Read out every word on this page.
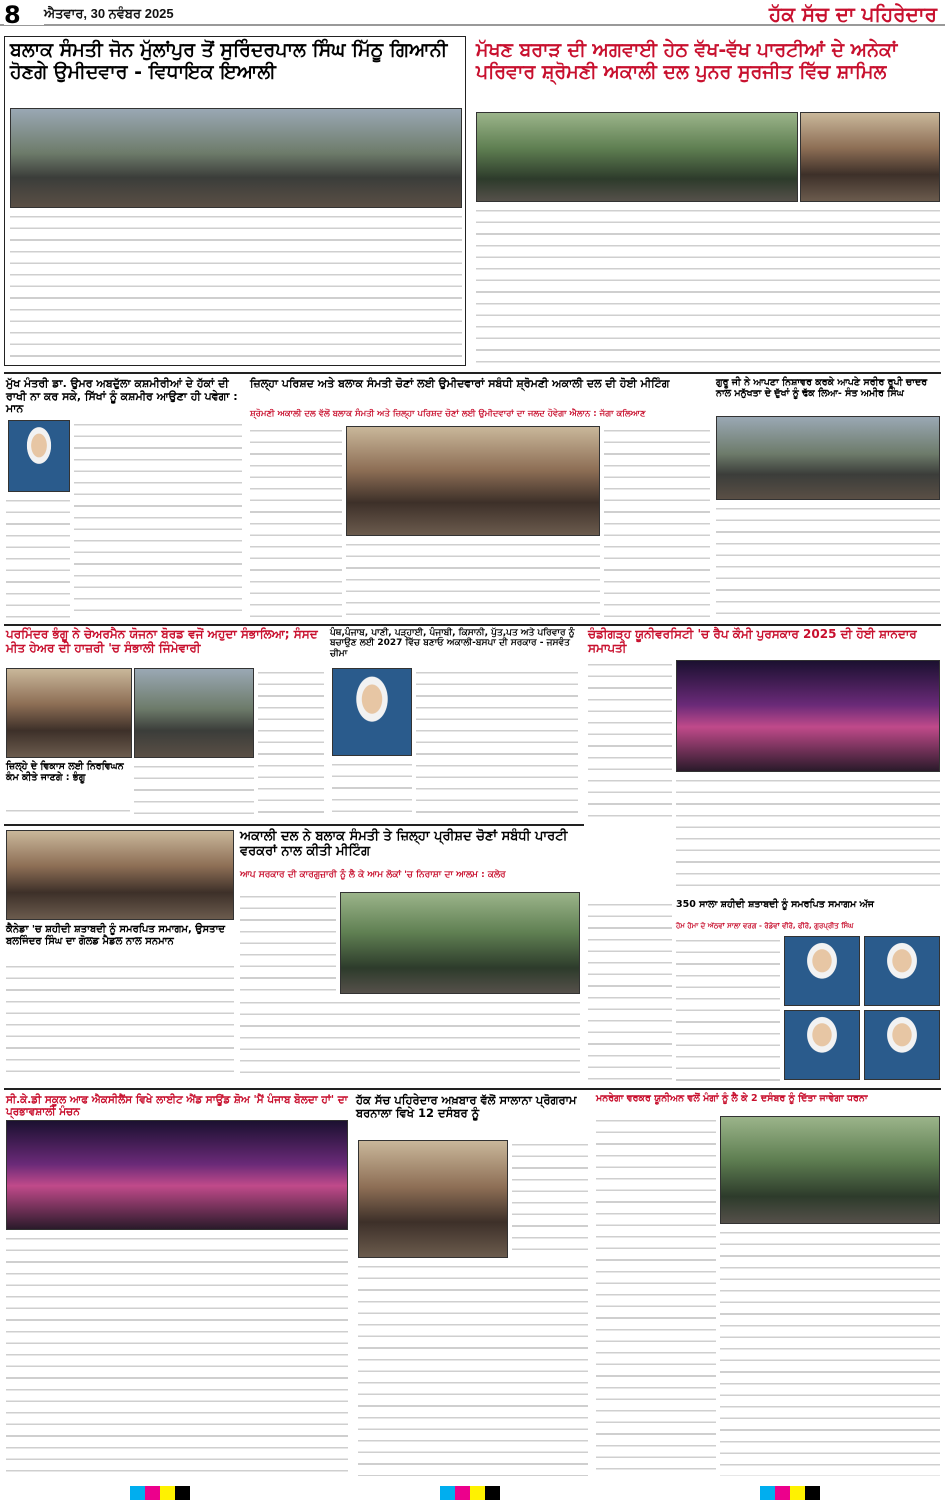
8	ਐਤਵਾਰ, 30 ਨਵੰਬਰ 2025	ਹੱਕ ਸੱਚ ਦਾ ਪਹਿਰੇਦਾਰ
ਬਲਾਕ ਸੰਮਤੀ ਜੋਨ ਮੁੱਲਾਂਪੁਰ ਤੋਂ ਸੁਰਿੰਦਰਪਾਲ ਸਿੰਘ ਮਿੱਠੂ ਗਿਆਨੀ ਹੋਣਗੇ ਉਮੀਦਵਾਰ - ਵਿਧਾਇਕ ਇਆਲੀ
ਮੱਖਣ ਬਰਾੜ ਦੀ ਅਗਵਾਈ ਹੇਠ ਵੱਖ-ਵੱਖ ਪਾਰਟੀਆਂ ਦੇ ਅਨੇਕਾਂ ਪਰਿਵਾਰ ਸ਼੍ਰੋਮਣੀ ਅਕਾਲੀ ਦਲ ਪੁਨਰ ਸੁਰਜੀਤ ਵਿੱਚ ਸ਼ਾਮਿਲ
ਮੁੱਖ ਮੰਤਰੀ ਡਾ. ਉਮਰ ਅਬਦੁੱਲਾ ਕਸ਼ਮੀਰੀਆਂ ਦੇ ਹੱਕਾਂ ਦੀ ਰਾਖੀ ਨਾ ਕਰ ਸਕੇ, ਸਿੱਖਾਂ ਨੂੰ ਕਸ਼ਮੀਰ ਆਉਣਾ ਹੀ ਪਵੇਗਾ : ਮਾਨ
ਜ਼ਿਲ੍ਹਾ ਪਰਿਸ਼ਦ ਅਤੇ ਬਲਾਕ ਸੰਮਤੀ ਚੋਣਾਂ ਲਈ ਉਮੀਦਵਾਰਾਂ ਸਬੰਧੀ ਸ਼੍ਰੋਮਣੀ ਅਕਾਲੀ ਦਲ ਦੀ ਹੋਈ ਮੀਟਿੰਗ
ਸ਼੍ਰੋਮਣੀ ਅਕਾਲੀ ਦਲ ਵੱਲੋਂ ਬਲਾਕ ਸੰਮਤੀ ਅਤੇ ਜ਼ਿਲ੍ਹਾ ਪਰਿਸ਼ਦ ਚੋਣਾਂ ਲਈ ਉਮੀਦਵਾਰਾਂ ਦਾ ਜਲਦ ਹੋਵੇਗਾ ਐਲਾਨ : ਜੱਗਾ ਕਲਿਆਣ
ਗੁਰੂ ਜੀ ਨੇ ਆਪਣਾ ਨਿਸ਼ਾਵਰ ਕਰਕੇ ਆਪਣੇ ਸਰੀਰ ਰੂਪੀ ਚਾਦਰ ਨਾਲ ਮਨੁੱਖਤਾ ਦੇ ਦੁੱਖਾਂ ਨੂੰ ਢੱਕ ਲਿਆ- ਸੰਤ ਅਮੀਰ ਸਿੰਘ
ਪਰਮਿੰਦਰ ਭੰਗੂ ਨੇ ਚੇਅਰਮੈਨ ਯੋਜਨਾ ਬੋਰਡ ਵਜੋਂ ਅਹੁਦਾ ਸੰਭਾਲਿਆ; ਸੰਸਦ ਮੀਤ ਹੇਅਰ ਦੀ ਹਾਜ਼ਰੀ 'ਚ ਸੰਭਾਲੀ ਜਿੰਮੇਵਾਰੀ
ਜ਼ਿਲ੍ਹੇ ਦੇ ਵਿਕਾਸ ਲਈ ਨਿਰਵਿਘਨ ਕੰਮ ਕੀਤੇ ਜਾਣਗੇ : ਭੰਗੂ
ਪੰਥ,ਪੰਜਾਬ, ਪਾਣੀ, ਪੜ੍ਹਾਈ, ਪੰਜਾਬੀ, ਕਿਸਾਨੀ, ਪੁੱਤ,ਪਤ ਅਤੇ ਪਰਿਵਾਰ ਨੂੰ ਬਚਾਉਣ ਲਈ 2027 ਵਿੱਚ ਬਣਾਓ ਅਕਾਲੀ-ਬਸਪਾ ਦੀ ਸਰਕਾਰ - ਜਸਵੰਤ ਚੀਮਾ
ਚੰਡੀਗੜ੍ਹ ਯੂਨੀਵਰਸਿਟੀ 'ਚ ਰੈਪ ਕੌਮੀ ਪੁਰਸਕਾਰ 2025 ਦੀ ਹੋਈ ਸ਼ਾਨਦਾਰ ਸਮਾਪਤੀ
ਅਕਾਲੀ ਦਲ ਨੇ ਬਲਾਕ ਸੰਮਤੀ ਤੇ ਜ਼ਿਲ੍ਹਾ ਪ੍ਰੀਸ਼ਦ ਚੋਣਾਂ ਸਬੰਧੀ ਪਾਰਟੀ ਵਰਕਰਾਂ ਨਾਲ ਕੀਤੀ ਮੀਟਿੰਗ
ਆਪ ਸਰਕਾਰ ਦੀ ਕਾਰਗੁਜ਼ਾਰੀ ਨੂੰ ਲੈ ਕੇ ਆਮ ਲੋਕਾਂ 'ਚ ਨਿਰਾਸ਼ਾ ਦਾ ਆਲਮ : ਕਲੇਰ
ਕੈਨੇਡਾ 'ਚ ਸ਼ਹੀਦੀ ਸ਼ਤਾਬਦੀ ਨੂੰ ਸਮਰਪਿਤ ਸਮਾਗਮ, ਉਸਤਾਦ ਬਲਜਿੰਦਰ ਸਿੰਘ ਦਾ ਗੋਲਡ ਮੈਡਲ ਨਾਲ ਸਨਮਾਨ
350 ਸਾਲਾ ਸ਼ਹੀਦੀ ਸ਼ਤਾਬਦੀ ਨੂੰ ਸਮਰਪਿਤ ਸਮਾਗਮ ਅੱਜ
ਹੋਮ ਹੋਮਾ ਦੇ ਅੱਠਵਾਂ ਸਾਲਾ ਵਰਗ - ਰੋਡੇਵਾਂ ਵੀਰੋ, ਫੀਰੋ, ਗੁਰਪ੍ਰੀਤ ਸਿੰਘ
ਸੀ.ਕੇ.ਡੀ ਸਕੂਲ ਆਫ ਐਕਸੀਲੈਂਸ ਵਿਖੇ ਲਾਈਟ ਐਂਡ ਸਾਊਂਡ ਸ਼ੋਅ 'ਮੈਂ ਪੰਜਾਬ ਬੋਲਦਾ ਹਾਂ' ਦਾ ਪ੍ਰਭਾਵਸ਼ਾਲੀ ਮੰਚਨ
ਹੱਕ ਸੱਚ ਪਹਿਰੇਦਾਰ ਅਖ਼ਬਾਰ ਵੱਲੋਂ ਸਾਲਾਨਾ ਪ੍ਰੋਗਰਾਮ ਬਰਨਾਲਾ ਵਿਖੇ 12 ਦਸੰਬਰ ਨੂੰ
ਮਨਰੇਗਾ ਵਰਕਰ ਯੂਨੀਅਨ ਵਲੋਂ ਮੰਗਾਂ ਨੂੰ ਲੈ ਕੇ 2 ਦਸੰਬਰ ਨੂੰ ਦਿੱਤਾ ਜਾਵੇਗਾ ਧਰਨਾ
